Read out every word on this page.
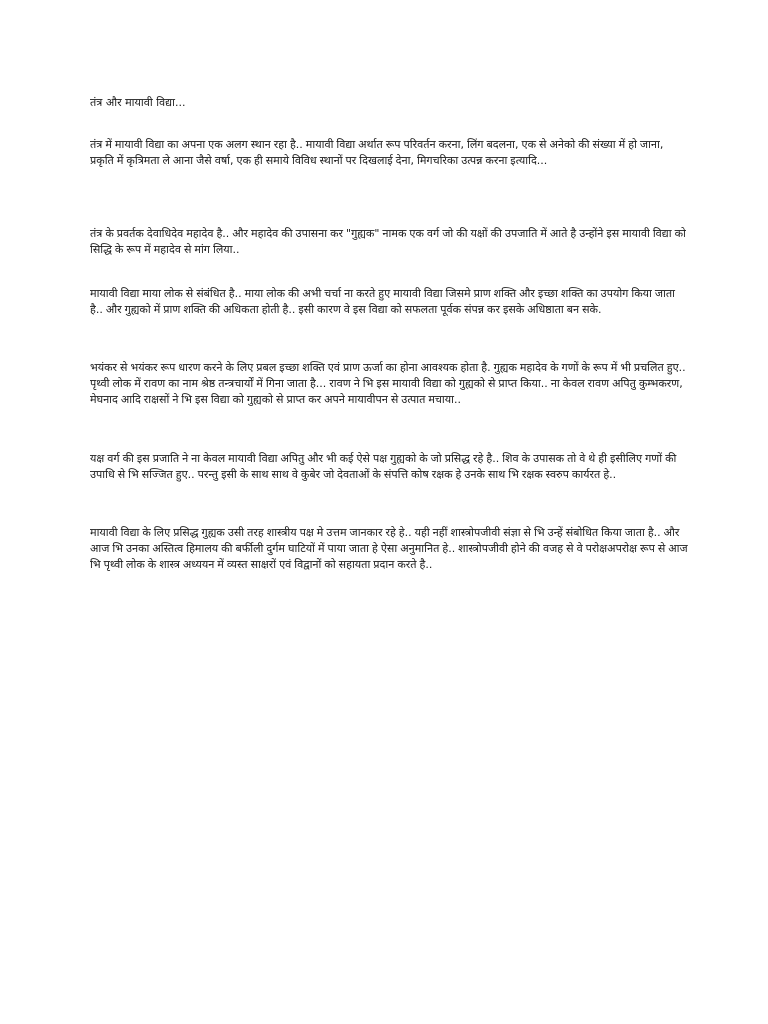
तंत्र और मायावी विद्या...

तंत्र में मायावी विद्या का अपना एक अलग स्थान रहा है.. मायावी विद्या अर्थात रूप परिवर्तन करना, लिंग बदलना, एक से अनेको की संख्या में हो जाना, प्रकृति में कृत्रिमता ले आना जैसे वर्षा, एक ही समाये विविध स्थानों पर दिखलाई देना, मिगचरिका उत्पन्न करना इत्यादि...

तंत्र के प्रवर्तक देवाधिदेव महादेव है.. और महादेव की उपासना कर "गुह्यक" नामक एक वर्ग जो की यक्षों की उपजाति में आते है उन्होंने इस मायावी विद्या को सिद्धि के रूप में महादेव से मांग लिया..

मायावी विद्या माया लोक से संबंधित है.. माया लोक की अभी चर्चा ना करते हुए मायावी विद्या जिसमे प्राण शक्ति और इच्छा शक्ति का उपयोग किया जाता है.. और गुह्यको में प्राण शक्ति की अधिकता होती है.. इसी कारण वे इस विद्या को सफलता पूर्वक संपन्न कर इसके अधिष्ठाता बन सके.

भयंकर से भयंकर रूप धारण करने के लिए प्रबल इच्छा शक्ति एवं प्राण ऊर्जा का होना आवश्यक होता है. गुह्यक महादेव के गणों के रूप में भी प्रचलित हुए.. पृथ्वी लोक में रावण का नाम श्रेष्ठ तन्त्रचार्यों में गिना जाता है... रावण ने भि इस मायावी विद्या को गुह्यको से प्राप्त किया.. ना केवल रावण अपितु कुम्भकरण, मेघनाद आदि राक्षसों ने भि इस विद्या को गुह्यको से प्राप्त कर अपने मायावीपन से उत्पात मचाया..

यक्ष वर्ग की इस प्रजाति ने ना केवल मायावी विद्या अपितु और भी कई ऐसे पक्ष गुह्यको के जो प्रसिद्ध रहे है.. शिव के उपासक तो वे थे ही इसीलिए गणों की उपाधि से भि सज्जित हुए.. परन्तु इसी के साथ साथ वे कुबेर जो देवताओं के संपत्ति कोष रक्षक हे उनके साथ भि रक्षक स्वरुप कार्यरत हे..

मायावी विद्या के लिए प्रसिद्ध गुह्यक उसी तरह शास्त्रीय पक्ष मे उत्तम जानकार रहे हे.. यही नहीं शास्त्रोपजीवी संज्ञा से भि उन्हें संबोधित किया जाता है.. और आज भि उनका अस्तित्व हिमालय की बर्फीली दुर्गम घाटियों में पाया जाता हे ऐसा अनुमानित हे.. शास्त्रोपजीवी होने की वजह से वे परोक्षअपरोक्ष रूप से आज भि पृथ्वी लोक के शास्त्र अध्ययन में व्यस्त साक्षरों एवं विद्वानों को सहायता प्रदान करते है..
